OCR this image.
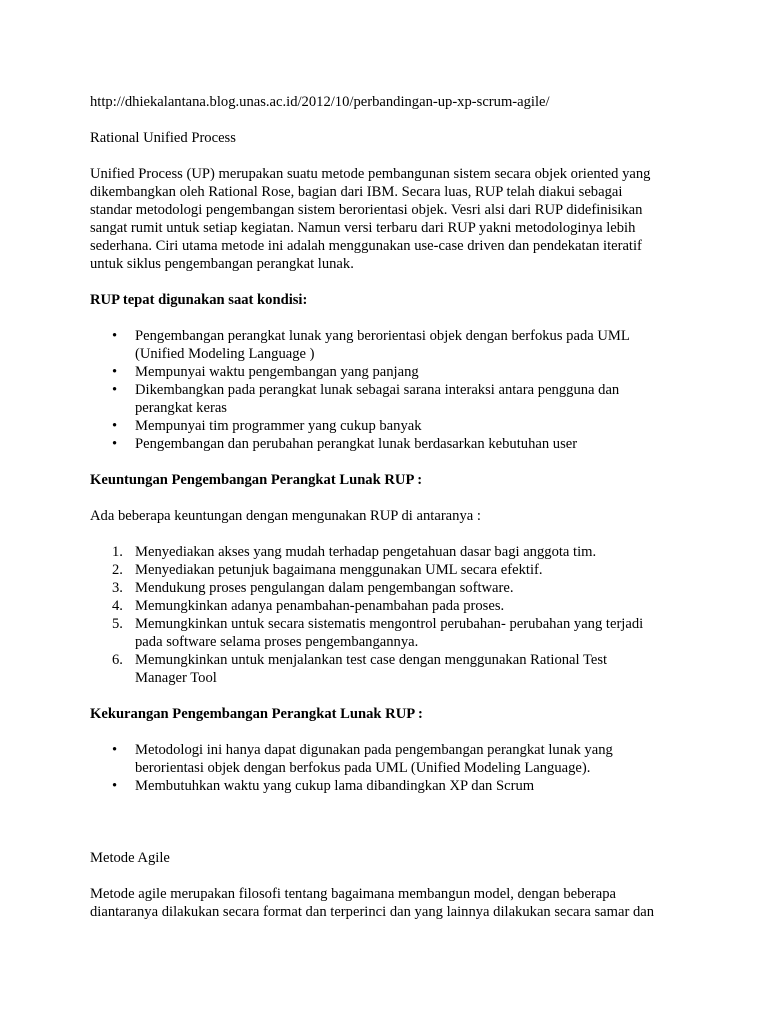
http://dhiekalantana.blog.unas.ac.id/2012/10/perbandingan-up-xp-scrum-agile/

Rational Unified Process

Unified Process (UP) merupakan suatu metode pembangunan sistem secara objek oriented yang

dikembangkan oleh Rational Rose, bagian dari IBM. Secara luas, RUP telah diakui sebagai

standar metodologi pengembangan sistem berorientasi objek. Vesri alsi dari RUP didefinisikan

sangat rumit untuk setiap kegiatan. Namun versi terbaru dari RUP yakni metodologinya lebih

sederhana. Ciri utama metode ini adalah menggunakan use-case driven dan pendekatan iteratif

untuk siklus pengembangan perangkat lunak.

RUP tepat digunakan saat kondisi:

• Pengembangan perangkat lunak yang berorientasi objek dengan berfokus pada UML
(Unified Modeling Language )
• Mempunyai waktu pengembangan yang panjang
• Dikembangkan pada perangkat lunak sebagai sarana interaksi antara pengguna dan
perangkat keras
• Mempunyai tim programmer yang cukup banyak
• Pengembangan dan perubahan perangkat lunak berdasarkan kebutuhan user

Keuntungan Pengembangan Perangkat Lunak RUP :

Ada beberapa keuntungan dengan mengunakan RUP di antaranya :

1. Menyediakan akses yang mudah terhadap pengetahuan dasar bagi anggota tim.
2. Menyediakan petunjuk bagaimana menggunakan UML secara efektif.
3. Mendukung proses pengulangan dalam pengembangan software.
4. Memungkinkan adanya penambahan-penambahan pada proses.
5. Memungkinkan untuk secara sistematis mengontrol perubahan- perubahan yang terjadi
pada software selama proses pengembangannya.
6. Memungkinkan untuk menjalankan test case dengan menggunakan Rational Test
Manager Tool

Kekurangan Pengembangan Perangkat Lunak RUP :

• Metodologi ini hanya dapat digunakan pada pengembangan perangkat lunak yang
berorientasi objek dengan berfokus pada UML (Unified Modeling Language).
• Membutuhkan waktu yang cukup lama dibandingkan XP dan Scrum

Metode Agile

Metode agile merupakan filosofi tentang bagaimana membangun model, dengan beberapa

diantaranya dilakukan secara format dan terperinci dan yang lainnya dilakukan secara samar dan
